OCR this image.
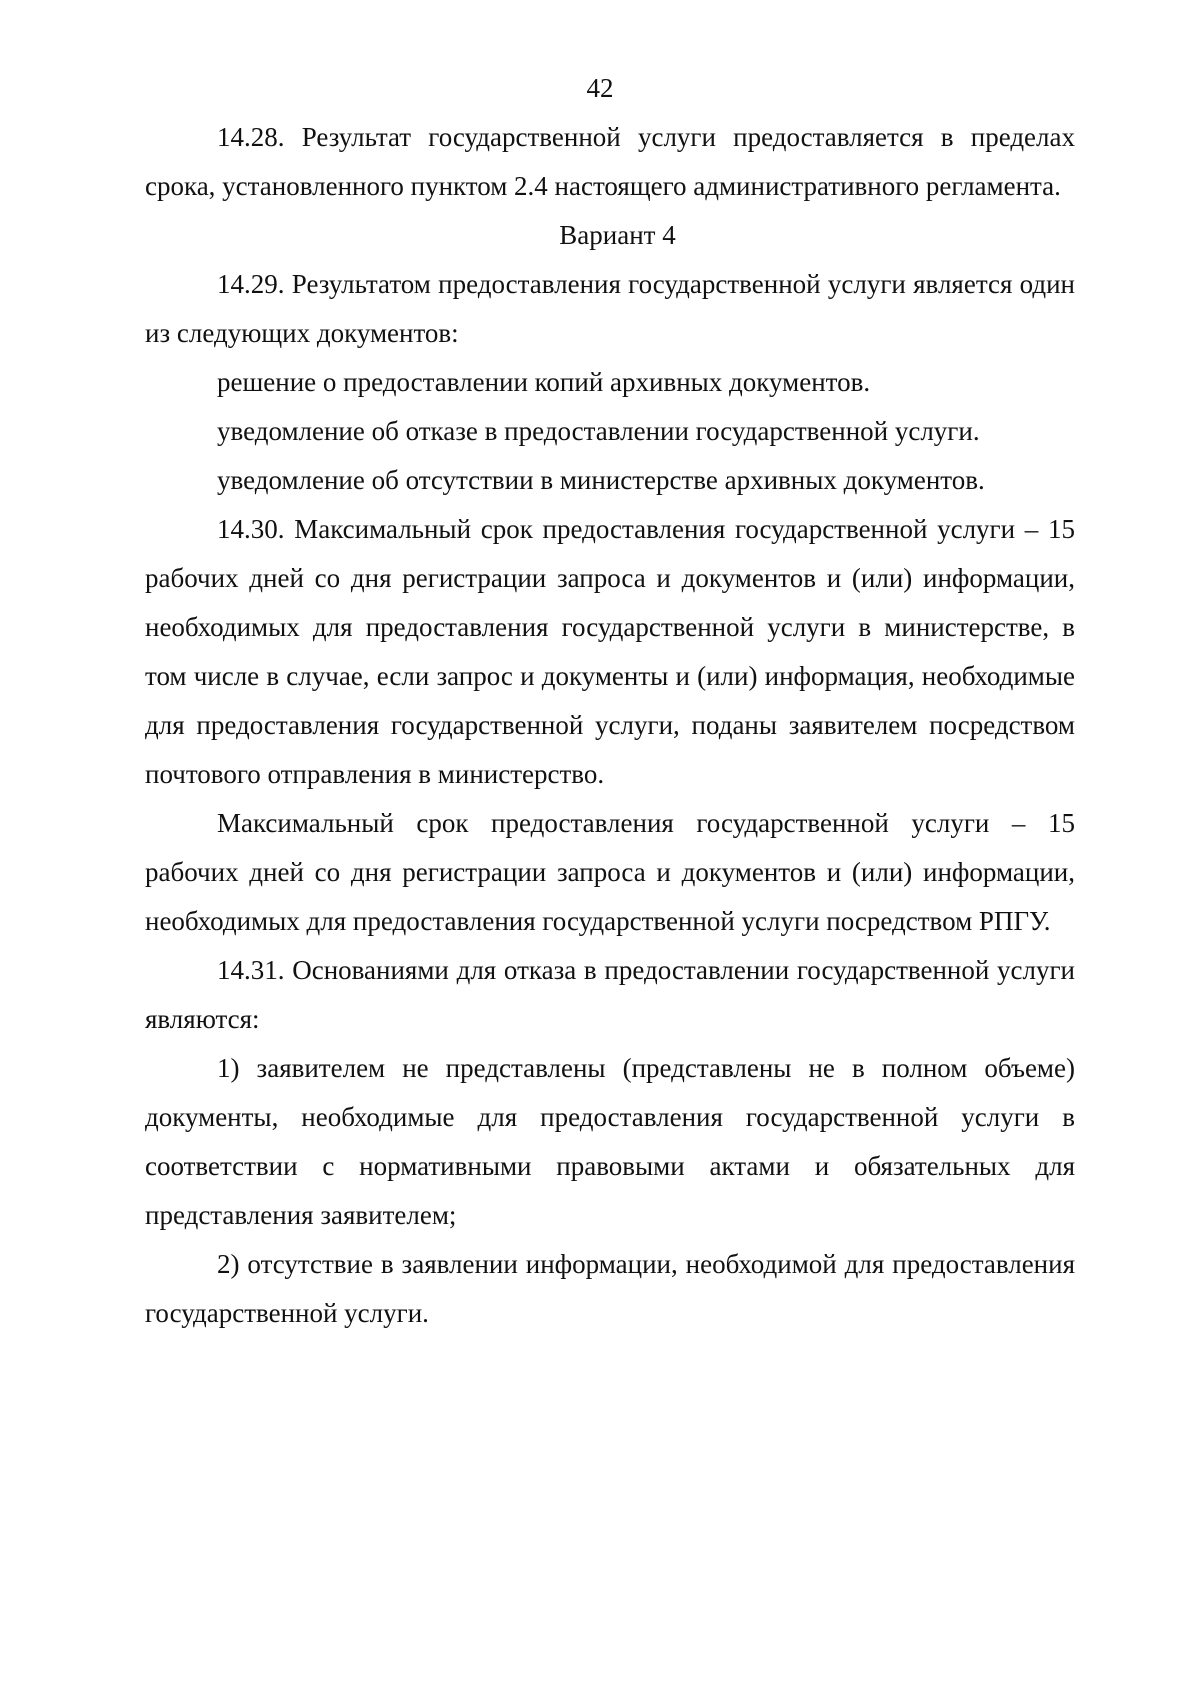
42

14.28. Результат государственной услуги предоставляется в пределах срока, установленного пунктом 2.4 настоящего административного регламента.

Вариант 4

14.29. Результатом предоставления государственной услуги является один из следующих документов:

решение о предоставлении копий архивных документов.

уведомление об отказе в предоставлении государственной услуги.

уведомление об отсутствии в министерстве архивных документов.

14.30. Максимальный срок предоставления государственной услуги – 15 рабочих дней со дня регистрации запроса и документов и (или) информации, необходимых для предоставления государственной услуги в министерстве, в том числе в случае, если запрос и документы и (или) информация, необходимые для предоставления государственной услуги, поданы заявителем посредством почтового отправления в министерство.

Максимальный срок предоставления государственной услуги – 15 рабочих дней со дня регистрации запроса и документов и (или) информации, необходимых для предоставления государственной услуги посредством РПГУ.

14.31. Основаниями для отказа в предоставлении государственной услуги являются:

1) заявителем не представлены (представлены не в полном объеме) документы, необходимые для предоставления государственной услуги в соответствии с нормативными правовыми актами и обязательных для представления заявителем;

2) отсутствие в заявлении информации, необходимой для предоставления государственной услуги.
